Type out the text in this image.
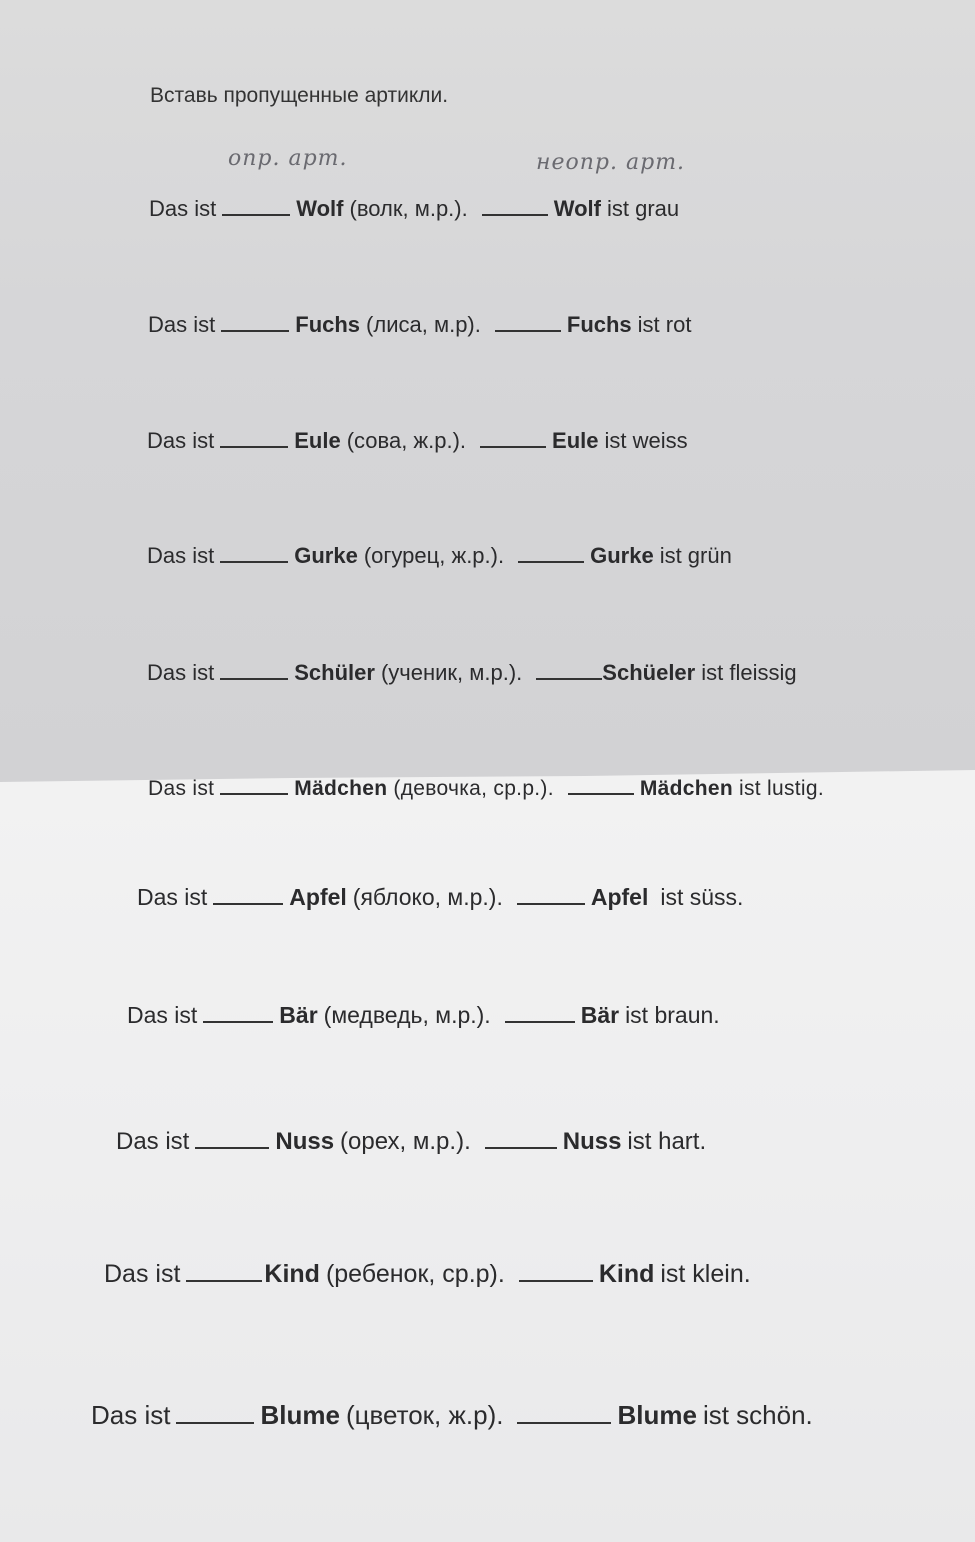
Вставь пропущенные артикли.
опр. арт.	неопр. арт.
Das ist	Wolf (волк, м.р.).	Wolf ist grau
Das ist	Fuchs (лиса, м.р).	Fuchs ist rot
Das ist	Eule (сова, ж.р.).	Eule ist weiss
Das ist	Gurke (огурец, ж.р.).	Gurke ist grün
Das ist	Schüler (ученик, м.р.).	Schüeler ist fleissig
Das ist	Mädchen (девочка, ср.р.).	Mädchen ist lustig.
Das ist	Apfel (яблоко, м.р.).	Apfel ist süss.
Das ist	Bär (медведь, м.р.).	Bär ist braun.
Das ist	Nuss (орех, м.р.).	Nuss ist hart.
Das ist	Kind (ребенок, ср.р).	Kind ist klein.
Das ist	Blume (цветок, ж.р).	Blume ist schön.
